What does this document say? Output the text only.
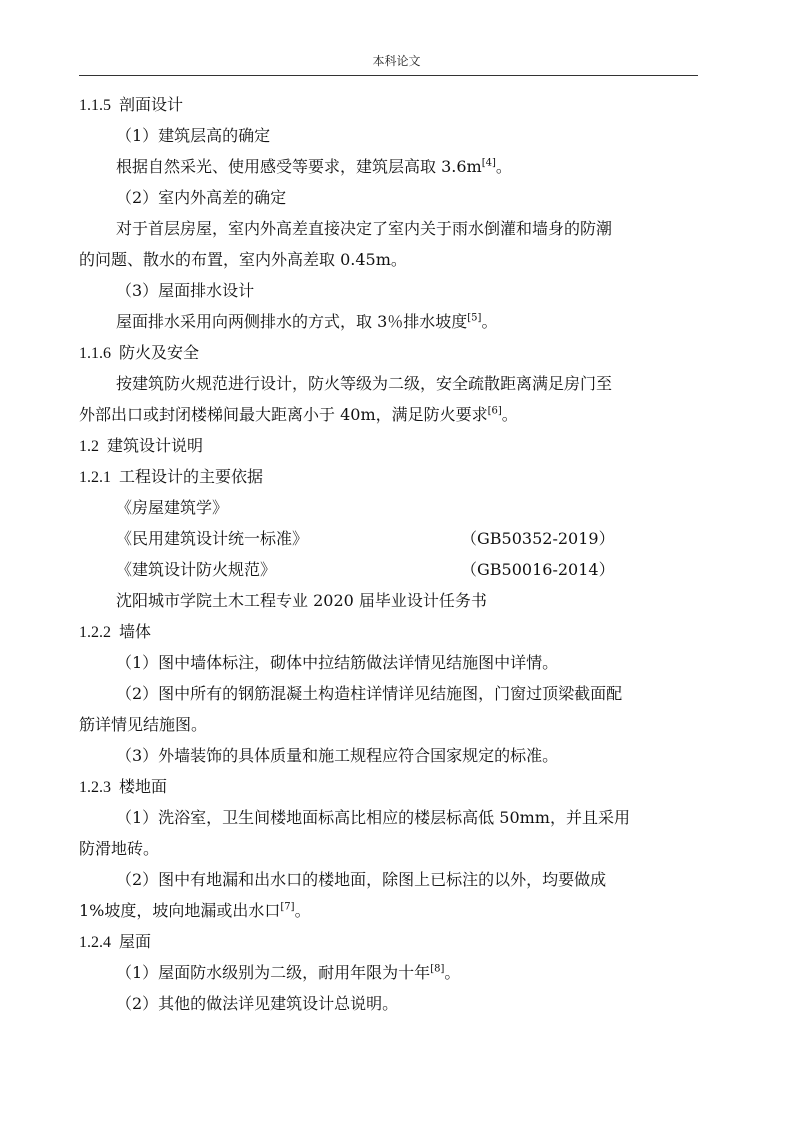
本科论文
1.1.5 剖面设计
（1）建筑层高的确定
根据自然采光、使用感受等要求，建筑层高取 3.6m[4]。
（2）室内外高差的确定
对于首层房屋，室内外高差直接决定了室内关于雨水倒灌和墙身的防潮
的问题、散水的布置，室内外高差取 0.45m。
（3）屋面排水设计
屋面排水采用向两侧排水的方式，取 3％排水坡度[5]。
1.1.6 防火及安全
按建筑防火规范进行设计，防火等级为二级，安全疏散距离满足房门至
外部出口或封闭楼梯间最大距离小于 40m，满足防火要求[6]。
1.2 建筑设计说明
1.2.1 工程设计的主要依据
《房屋建筑学》
《民用建筑设计统一标准》	（GB50352-2019）
《建筑设计防火规范》	（GB50016-2014）
沈阳城市学院土木工程专业 2020 届毕业设计任务书
1.2.2 墙体
（1）图中墙体标注，砌体中拉结筋做法详情见结施图中详情。
（2）图中所有的钢筋混凝土构造柱详情详见结施图，门窗过顶梁截面配
筋详情见结施图。
（3）外墙装饰的具体质量和施工规程应符合国家规定的标准。
1.2.3 楼地面
（1）洗浴室，卫生间楼地面标高比相应的楼层标高低 50mm，并且采用
防滑地砖。
（2）图中有地漏和出水口的楼地面，除图上已标注的以外，均要做成
1%坡度，坡向地漏或出水口[7]。
1.2.4 屋面
（1）屋面防水级别为二级，耐用年限为十年[8]。
（2）其他的做法详见建筑设计总说明。
